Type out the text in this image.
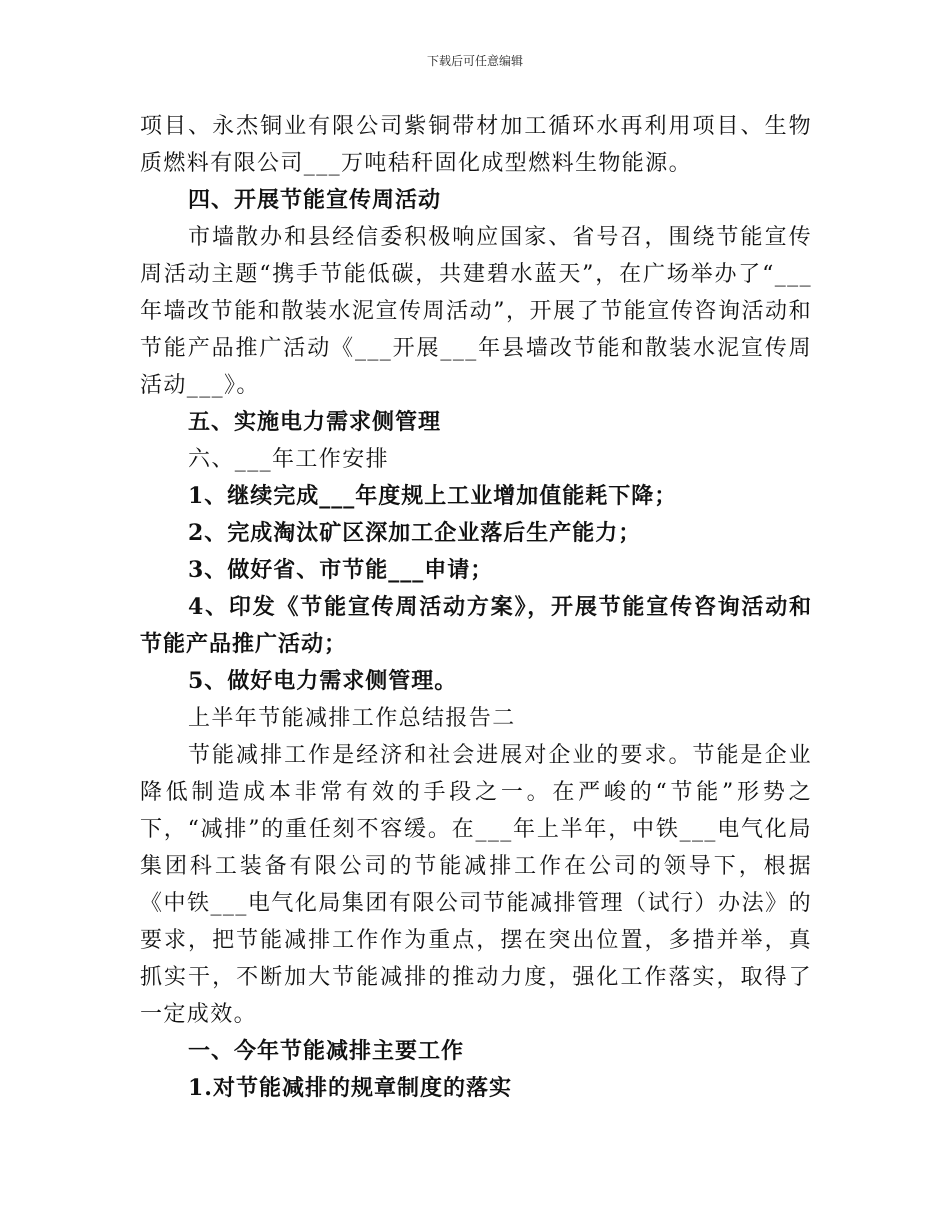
下载后可任意编辑

项目、永杰铜业有限公司紫铜带材加工循环水再利用项目、生物质燃料有限公司___万吨秸秆固化成型燃料生物能源。

四、开展节能宣传周活动

市墙散办和县经信委积极响应国家、省号召，围绕节能宣传周活动主题“携手节能低碳，共建碧水蓝天”，在广场举办了“___年墙改节能和散装水泥宣传周活动”，开展了节能宣传咨询活动和节能产品推广活动《___开展___年县墙改节能和散装水泥宣传周活动___》。

五、实施电力需求侧管理

六、___年工作安排

1、继续完成___年度规上工业增加值能耗下降；

2、完成淘汰矿区深加工企业落后生产能力；

3、做好省、市节能___申请；

4、印发《节能宣传周活动方案》，开展节能宣传咨询活动和节能产品推广活动；

5、做好电力需求侧管理。

上半年节能减排工作总结报告二

节能减排工作是经济和社会进展对企业的要求。节能是企业降低制造成本非常有效的手段之一。在严峻的“节能”形势之下，“减排”的重任刻不容缓。在___年上半年，中铁___电气化局集团科工装备有限公司的节能减排工作在公司的领导下，根据《中铁___电气化局集团有限公司节能减排管理（试行）办法》的要求，把节能减排工作作为重点，摆在突出位置，多措并举，真抓实干，不断加大节能减排的推动力度，强化工作落实，取得了一定成效。

一、今年节能减排主要工作

1.对节能减排的规章制度的落实
